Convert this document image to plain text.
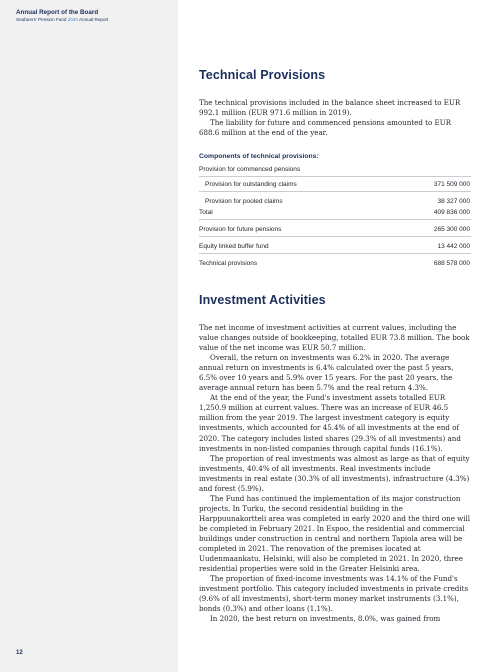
Annual Report of the Board
Seafarers' Pension Fund 2020 Annual Report
12
Technical Provisions

The technical provisions included in the balance sheet increased to EUR 992.1 million (EUR 971.6 million in 2019).

The liability for future and commenced pensions amounted to EUR 688.6 million at the end of the year.

Components of technical provisions:
Provision for commenced pensions
Provision for outstanding claims	371 509 000
Provision for pooled claims	38 327 000
Total	409 836 000
Provision for future pensions	265 300 000
Equity linked buffer fund	13 442 000
Technical provisions	688 578 000
Investment Activities

The net income of investment activities at current values, including the value changes outside of bookkeeping, totalled EUR 73.8 million. The book value of the net income was EUR 50.7 million.

Overall, the return on investments was 6.2% in 2020. The average annual return on investments is 6.4% calculated over the past 5 years, 6.5% over 10 years and 5.9% over 15 years. For the past 20 years, the average annual return has been 5.7% and the real return 4.3%.

At the end of the year, the Fund's investment assets totalled EUR 1,250.9 million at current values. There was an increase of EUR 46.5 million from the year 2019. The largest investment category is equity investments, which accounted for 45.4% of all investments at the end of 2020. The category includes listed shares (29.3% of all investments) and investments in non-listed companies through capital funds (16.1%).

The proportion of real investments was almost as large as that of equity investments, 40.4% of all investments. Real investments include investments in real estate (30.3% of all investments), infrastructure (4.3%) and forest (5.9%).

The Fund has continued the implementation of its major construction projects. In Turku, the second residential building in the Harppuunakortteli area was completed in early 2020 and the third one will be completed in February 2021. In Espoo, the residential and commercial buildings under construction in central and northern Tapiola area will be completed in 2021. The renovation of the premises located at Uudenmaankatu, Helsinki, will also be completed in 2021. In 2020, three residential properties were sold in the Greater Helsinki area.

The proportion of fixed-income investments was 14.1% of the Fund's investment portfolio. This category included investments in private credits (9.6% of all investments), short-term money market instruments (3.1%), bonds (0.3%) and other loans (1.1%).

In 2020, the best return on investments, 8.0%, was gained from
